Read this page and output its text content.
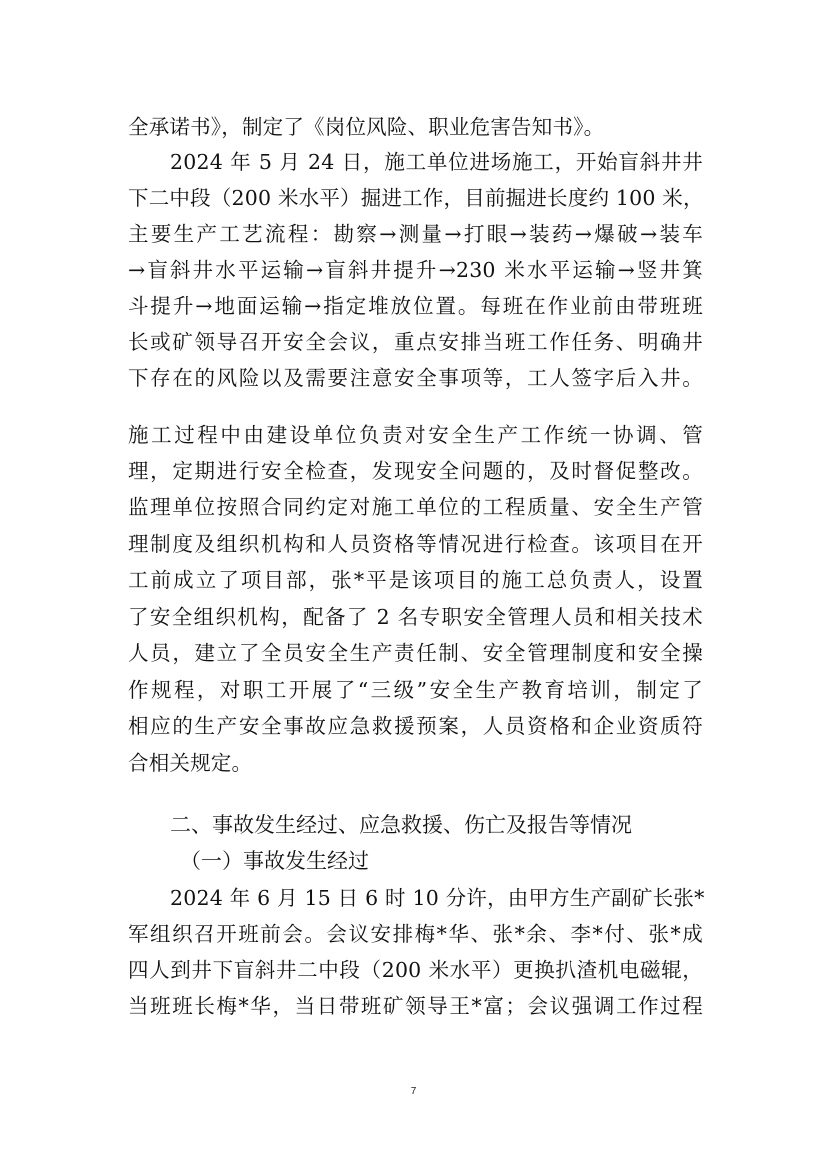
全承诺书》，制定了《岗位风险、职业危害告知书》。
2024 年 5 月 24 日，施工单位进场施工，开始盲斜井井
下二中段（200 米水平）掘进工作，目前掘进长度约 100 米，
主要生产工艺流程：勘察→测量→打眼→装药→爆破→装车
→盲斜井水平运输→盲斜井提升→230 米水平运输→竖井箕
斗提升→地面运输→指定堆放位置。每班在作业前由带班班
长或矿领导召开安全会议，重点安排当班工作任务、明确井
下存在的风险以及需要注意安全事项等，工人签字后入井。
施工过程中由建设单位负责对安全生产工作统一协调、管
理，定期进行安全检查，发现安全问题的，及时督促整改。
监理单位按照合同约定对施工单位的工程质量、安全生产管
理制度及组织机构和人员资格等情况进行检查。该项目在开
工前成立了项目部，张*平是该项目的施工总负责人，设置
了安全组织机构，配备了 2 名专职安全管理人员和相关技术
人员，建立了全员安全生产责任制、安全管理制度和安全操
作规程，对职工开展了“三级”安全生产教育培训，制定了
相应的生产安全事故应急救援预案，人员资格和企业资质符
合相关规定。
二、事故发生经过、应急救援、伤亡及报告等情况
（一）事故发生经过
2024 年 6 月 15 日 6 时 10 分许，由甲方生产副矿长张*
军组织召开班前会。会议安排梅*华、张*余、李*付、张*成
四人到井下盲斜井二中段（200 米水平）更换扒渣机电磁辊，
当班班长梅*华，当日带班矿领导王*富；会议强调工作过程
7
